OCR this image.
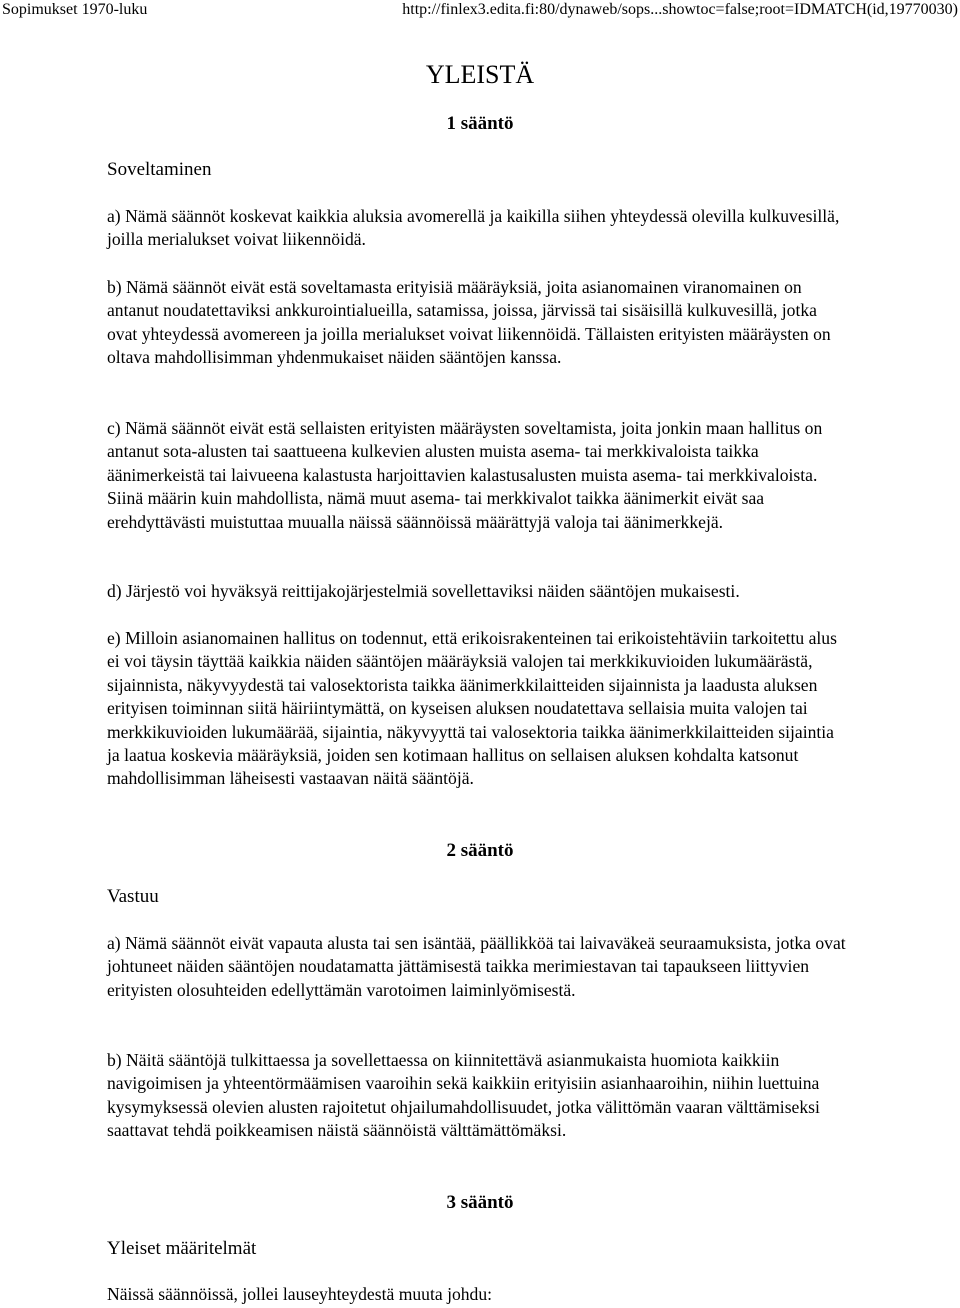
Sopimukset 1970-luku	http://finlex3.edita.fi:80/dynaweb/sops...showtoc=false;root=IDMATCH(id,19770030)
YLEISTÄ
1 sääntö
Soveltaminen

a) Nämä säännöt koskevat kaikkia aluksia avomerellä ja kaikilla siihen yhteydessä olevilla kulkuvesillä, joilla merialukset voivat liikennöidä.

b) Nämä säännöt eivät estä soveltamasta erityisiä määräyksiä, joita asianomainen viranomainen on antanut noudatettaviksi ankkurointialueilla, satamissa, joissa, järvissä tai sisäisillä kulkuvesillä, jotka ovat yhteydessä avomereen ja joilla merialukset voivat liikennöidä. Tällaisten erityisten määräysten on oltava mahdollisimman yhdenmukaiset näiden sääntöjen kanssa.

c) Nämä säännöt eivät estä sellaisten erityisten määräysten soveltamista, joita jonkin maan hallitus on antanut sota-alusten tai saattueena kulkevien alusten muista asema- tai merkkivaloista taikka äänimerkeistä tai laivueena kalastusta harjoittavien kalastusalusten muista asema- tai merkkivaloista. Siinä määrin kuin mahdollista, nämä muut asema- tai merkkivalot taikka äänimerkit eivät saa erehdyttävästi muistuttaa muualla näissä säännöissä määrättyjä valoja tai äänimerkkejä.

d) Järjestö voi hyväksyä reittijakojärjestelmiä sovellettaviksi näiden sääntöjen mukaisesti.

e) Milloin asianomainen hallitus on todennut, että erikoisrakenteinen tai erikoistehtäviin tarkoitettu alus ei voi täysin täyttää kaikkia näiden sääntöjen määräyksiä valojen tai merkkikuvioiden lukumäärästä, sijainnista, näkyvyydestä tai valosektorista taikka äänimerkkilaitteiden sijainnista ja laadusta aluksen erityisen toiminnan siitä häiriintymättä, on kyseisen aluksen noudatettava sellaisia muita valojen tai merkkikuvioiden lukumäärää, sijaintia, näkyvyyttä tai valosektoria taikka äänimerkkilaitteiden sijaintia ja laatua koskevia määräyksiä, joiden sen kotimaan hallitus on sellaisen aluksen kohdalta katsonut mahdollisimman läheisesti vastaavan näitä sääntöjä.

2 sääntö
Vastuu

a) Nämä säännöt eivät vapauta alusta tai sen isäntää, päällikköä tai laivaväkeä seuraamuksista, jotka ovat johtuneet näiden sääntöjen noudatamatta jättämisestä taikka merimiestavan tai tapaukseen liittyvien erityisten olosuhteiden edellyttämän varotoimen laiminlyömisestä.

b) Näitä sääntöjä tulkittaessa ja sovellettaessa on kiinnitettävä asianmukaista huomiota kaikkiin navigoimisen ja yhteentörmäämisen vaaroihin sekä kaikkiin erityisiin asianhaaroihin, niihin luettuina kysymyksessä olevien alusten rajoitetut ohjailumahdollisuudet, jotka välittömän vaaran välttämiseksi saattavat tehdä poikkeamisen näistä säännöistä välttämättömäksi.

3 sääntö
Yleiset määritelmät

Näissä säännöissä, jollei lauseyhteydestä muuta johdu:
